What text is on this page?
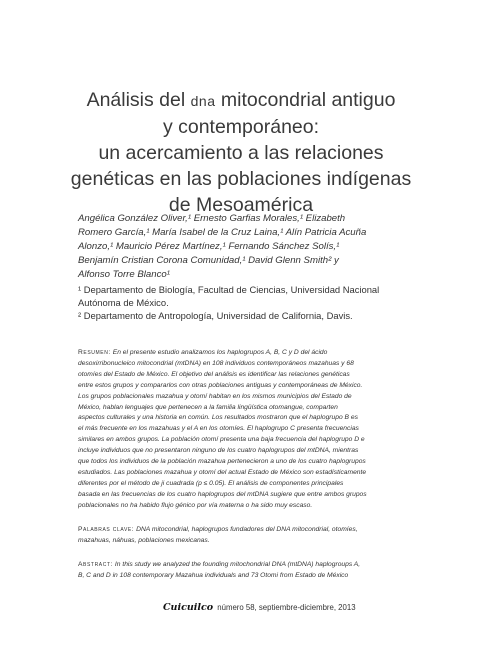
Análisis del dna mitocondrial antiguo
y contemporáneo:
un acercamiento a las relaciones
genéticas en las poblaciones indígenas
de Mesoamérica
Angélica González Oliver,¹ Ernesto Garfias Morales,¹ Elizabeth
Romero García,¹ María Isabel de la Cruz Laina,¹ Alín Patricia Acuña
Alonzo,¹ Mauricio Pérez Martínez,¹ Fernando Sánchez Solís,¹
Benjamín Cristian Corona Comunidad,¹ David Glenn Smith² y
Alfonso Torre Blanco¹
¹ Departamento de Biología, Facultad de Ciencias, Universidad Nacional
Autónoma de México.
² Departamento de Antropología, Universidad de California, Davis.
Resumen: En el presente estudio analizamos los haplogrupos A, B, C y D del ácido
desoxirribonucleico mitocondrial (mtDNA) en 108 individuos contemporáneos mazahuas y 68
otomíes del Estado de México. El objetivo del análisis es identificar las relaciones genéticas
entre estos grupos y compararlos con otras poblaciones antiguas y contemporáneas de México.
Los grupos poblacionales mazahua y otomí habitan en los mismos municipios del Estado de
México, hablan lenguajes que pertenecen a la familia lingüística otomangue, comparten
aspectos culturales y una historia en común. Los resultados mostraron que el haplogrupo B es
el más frecuente en los mazahuas y el A en los otomíes. El haplogrupo C presenta frecuencias
similares en ambos grupos. La población otomí presenta una baja frecuencia del haplogrupo D e
incluye individuos que no presentaron ninguno de los cuatro haplogrupos del mtDNA, mientras
que todos los individuos de la población mazahua pertenecieron a uno de los cuatro haplogrupos
estudiados. Las poblaciones mazahua y otomí del actual Estado de México son estadísticamente
diferentes por el método de ji cuadrada (p ≤ 0.05). El análisis de componentes principales
basada en las frecuencias de los cuatro haplogrupos del mtDNA sugiere que entre ambos grupos
poblacionales no ha habido flujo génico por vía materna o ha sido muy escaso.
Palabras clave: DNA mitocondrial, haplogrupos fundadores del DNA mitocondrial, otomíes,
mazahuas, náhuas, poblaciones mexicanas.
Abstract: In this study we analyzed the founding mitochondrial DNA (mtDNA) haplogroups A,
B, C and D in 108 contemporary Mazahua individuals and 73 Otomi from Estado de México
Cuicuilco número 58, septiembre-diciembre, 2013
